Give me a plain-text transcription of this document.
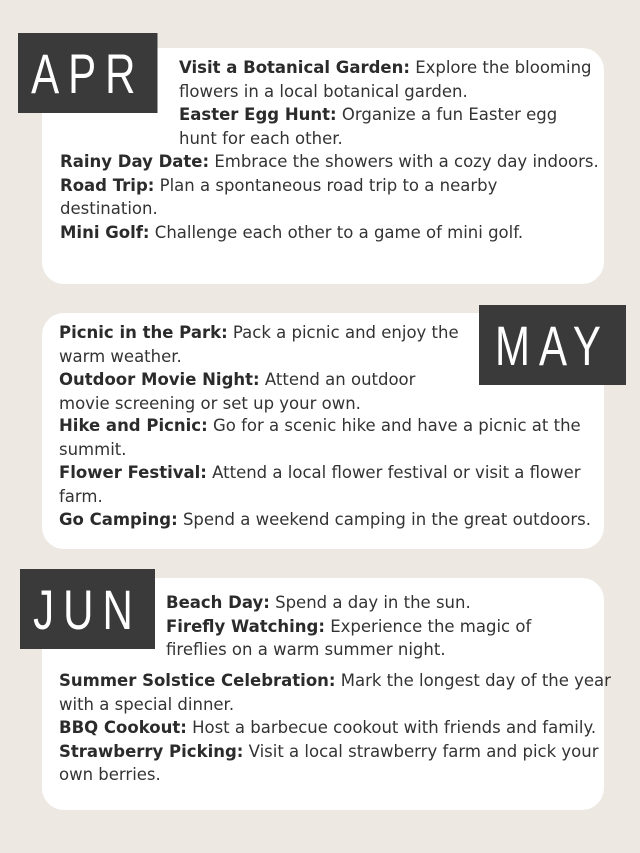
APR
MAY
JUN

Visit a Botanical Garden: Explore the blooming flowers in a local botanical garden.

Easter Egg Hunt: Organize a fun Easter egg hunt for each other.

Rainy Day Date: Embrace the showers with a cozy day indoors.

Road Trip: Plan a spontaneous road trip to a nearby destination.

Mini Golf: Challenge each other to a game of mini golf.

Picnic in the Park: Pack a picnic and enjoy the warm weather.

Outdoor Movie Night: Attend an outdoor movie screening or set up your own.

Hike and Picnic: Go for a scenic hike and have a picnic at the summit.

Flower Festival: Attend a local flower festival or visit a flower farm.

Go Camping: Spend a weekend camping in the great outdoors.

Beach Day: Spend a day in the sun.

Firefly Watching: Experience the magic of fireflies on a warm summer night.

Summer Solstice Celebration: Mark the longest day of the year with a special dinner.

BBQ Cookout: Host a barbecue cookout with friends and family.

Strawberry Picking: Visit a local strawberry farm and pick your own berries.
